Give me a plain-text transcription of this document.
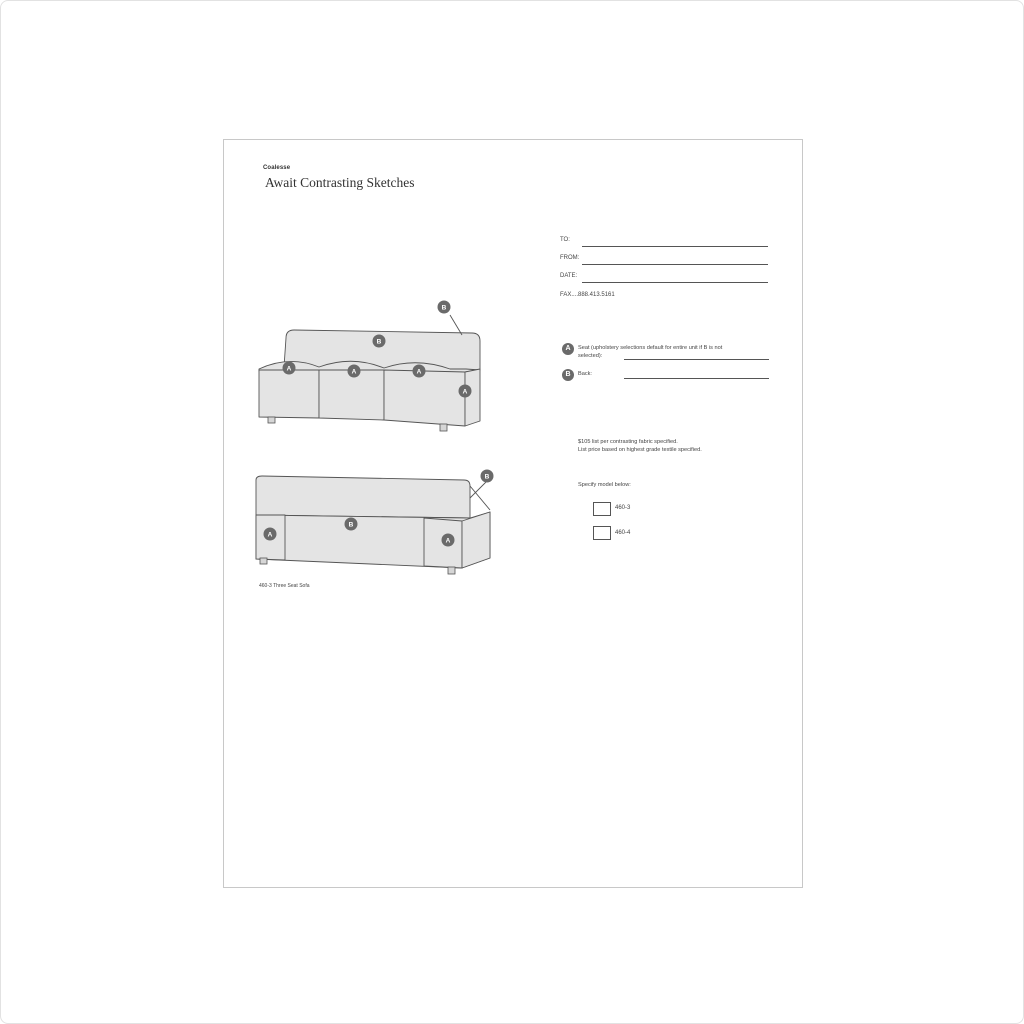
Coalesse
Await Contrasting Sketches
TO:
FROM:
DATE:
FAX....888.413.5161
A	Seat (upholstery selections default for entire unit if B is not selected):
B	Back:
$105 list per contrasting fabric specified.
List price based on highest grade textile specified.
Specify model below:
460-3
460-4
B
B
A	A	A
A
B
B
A
A
460-3 Three Seat Sofa
